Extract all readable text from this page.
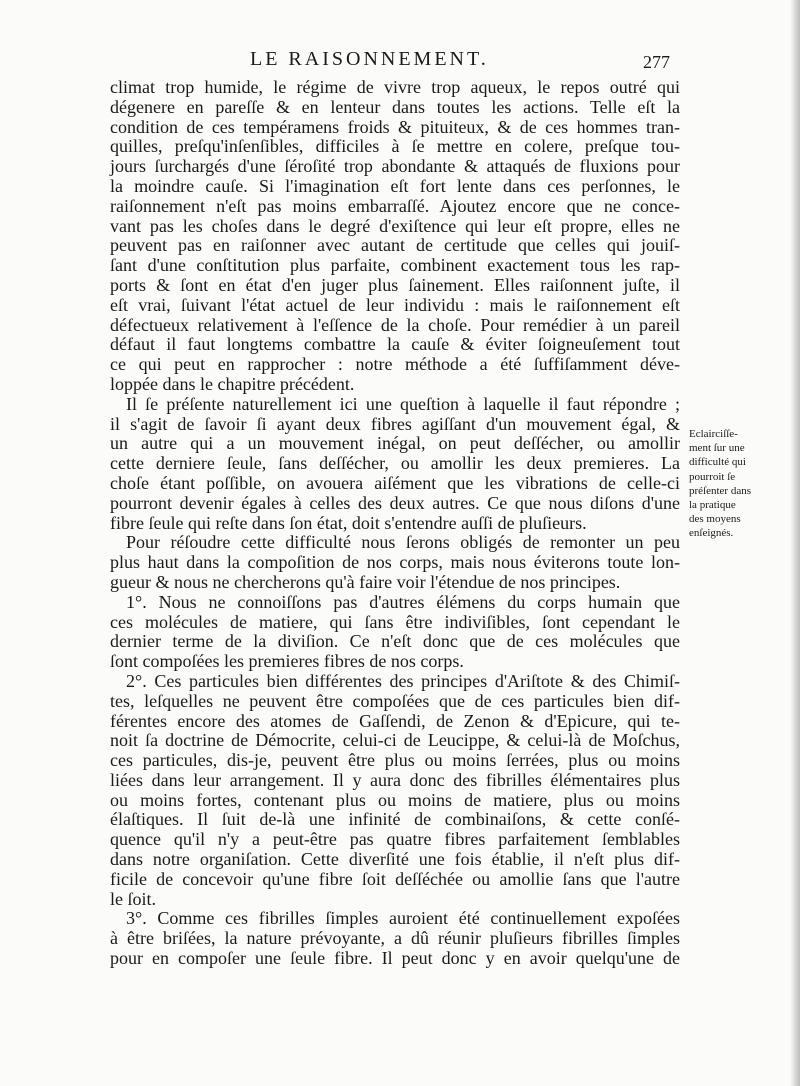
LE RAISONNEMENT.	277
climat trop humide, le régime de vivre trop aqueux, le repos outré qui
dégenere en pareſſe & en lenteur dans toutes les actions. Telle eſt la
condition de ces tempéramens froids & pituiteux, & de ces hommes tran-
quilles, preſqu'inſenſibles, difficiles à ſe mettre en colere, preſque tou-
jours ſurchargés d'une ſéroſité trop abondante & attaqués de fluxions pour
la moindre cauſe. Si l'imagination eſt fort lente dans ces perſonnes, le
raiſonnement n'eſt pas moins embarraſſé. Ajoutez encore que ne conce-
vant pas les choſes dans le degré d'exiſtence qui leur eſt propre, elles ne
peuvent pas en raiſonner avec autant de certitude que celles qui jouiſ-
ſant d'une conſtitution plus parfaite, combinent exactement tous les rap-
ports & ſont en état d'en juger plus ſainement. Elles raiſonnent juſte, il
eſt vrai, ſuivant l'état actuel de leur individu : mais le raiſonnement eſt
défectueux relativement à l'eſſence de la choſe. Pour remédier à un pareil
défaut il faut longtems combattre la cauſe & éviter ſoigneuſement tout
ce qui peut en rapprocher : notre méthode a été ſuffiſamment déve-
loppée dans le chapitre précédent.
Il ſe préſente naturellement ici une queſtion à laquelle il faut répondre ;
il s'agit de ſavoir ſi ayant deux fibres agiſſant d'un mouvement égal, &
un autre qui a un mouvement inégal, on peut deſſécher, ou amollir
cette derniere ſeule, ſans deſſécher, ou amollir les deux premieres. La
choſe étant poſſible, on avouera aiſément que les vibrations de celle-ci
pourront devenir égales à celles des deux autres. Ce que nous diſons d'une
fibre ſeule qui reſte dans ſon état, doit s'entendre auſſi de pluſieurs.
Pour réſoudre cette difficulté nous ſerons obligés de remonter un peu
plus haut dans la compoſition de nos corps, mais nous éviterons toute lon-
gueur & nous ne chercherons qu'à faire voir l'étendue de nos principes.
1°. Nous ne connoiſſons pas d'autres élémens du corps humain que
ces molécules de matiere, qui ſans être indiviſibles, ſont cependant le
dernier terme de la diviſion. Ce n'eſt donc que de ces molécules que
ſont compoſées les premieres fibres de nos corps.
2°. Ces particules bien différentes des principes d'Ariſtote & des Chimiſ-
tes, leſquelles ne peuvent être compoſées que de ces particules bien dif-
férentes encore des atomes de Gaſſendi, de Zenon & d'Epicure, qui te-
noit ſa doctrine de Démocrite, celui-ci de Leucippe, & celui-là de Moſchus,
ces particules, dis-je, peuvent être plus ou moins ſerrées, plus ou moins
liées dans leur arrangement. Il y aura donc des fibrilles élémentaires plus
ou moins fortes, contenant plus ou moins de matiere, plus ou moins
élaſtiques. Il ſuit de-là une infinité de combinaiſons, & cette conſé-
quence qu'il n'y a peut-être pas quatre fibres parfaitement ſemblables
dans notre organiſation. Cette diverſité une fois établie, il n'eſt plus dif-
ficile de concevoir qu'une fibre ſoit deſſéchée ou amollie ſans que l'autre
le ſoit.
3°. Comme ces fibrilles ſimples auroient été continuellement expoſées
à être briſées, la nature prévoyante, a dû réunir pluſieurs fibrilles ſimples
pour en compoſer une ſeule fibre. Il peut donc y en avoir quelqu'une de
Eclairciſſe-
ment ſur une
difficulté qui
pourroit ſe
préſenter dans
la pratique
des moyens
enſeignés.
